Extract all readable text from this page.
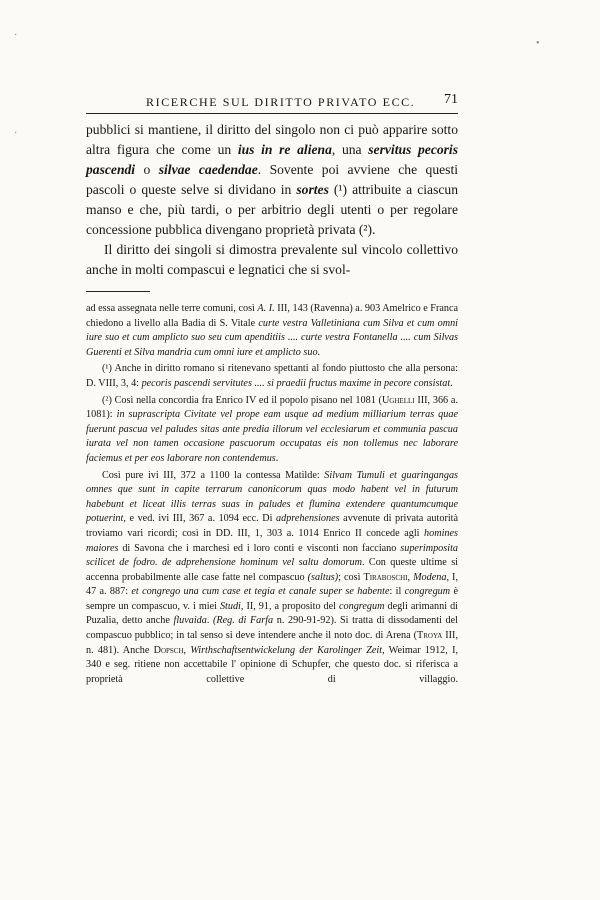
·
•
·
RICERCHE SUL DIRITTO PRIVATO ECC. 71

pubblici si mantiene, il diritto del singolo non ci può apparire sotto altra figura che come un ius in re aliena, una servitus pecoris pascendi o silvae caedendae. Sovente poi avviene che questi pascoli o queste selve si dividano in sortes (¹) attribuite a ciascun manso e che, più tardi, o per arbitrio degli utenti o per regolare concessione pubblica divengano proprietà privata (²).

Il diritto dei singoli si dimostra prevalente sul vincolo collettivo anche in molti compascui e legnatici che si svol-

ad essa assegnata nelle terre comuni, così A. I. III, 143 (Ravenna) a. 903 Amelrico e Franca chiedono a livello alla Badia di S. Vitale curte vestra Valletiniana cum Silva et cum omni iure suo et cum amplicto suo seu cum apenditiis .... curte vestra Fontanella .... cum Silvas Guerenti et Silva mandria cum omni iure et amplicto suo.

(¹) Anche in diritto romano si ritenevano spettanti al fondo piuttosto che alla persona: D. VIII, 3, 4: pecoris pascendi servitutes .... si praedii fructus maxime in pecore consistat.

(²) Così nella concordia fra Enrico IV ed il popolo pisano nel 1081 (Ughelli III, 366 a. 1081): in suprascripta Civitate vel prope eam usque ad medium milliarium terras quae fuerunt pascua vel paludes sitas ante predia illorum vel ecclesiarum et communia pascua iurata vel non tamen occasione pascuorum occupatas eis non tollemus nec laborare faciemus et per eos laborare non contendemus.

Così pure ivi III, 372 a 1100 la contessa Matilde: Silvam Tumuli et guaringangas omnes que sunt in capite terrarum canonicorum quas modo habent vel in futurum habebunt et liceat illis terras suas in paludes et flumina extendere quantumcumque potuerint, e ved. ivi III, 367 a. 1094 ecc. Di adprehensiones avvenute di privata autorità troviamo vari ricordi; così in DD. III, 1, 303 a. 1014 Enrico II concede agli homines maiores di Savona che i marchesi ed i loro conti e visconti non facciano superimposita scilicet de fodro. de adprehensione hominum vel saltu domorum. Con queste ultime si accenna probabilmente alle case fatte nel compascuo (saltus); così Tiraboschi, Modena, I, 47 a. 887: et congrego una cum case et tegia et canale super se habente: il congregum è sempre un compascuo, v. i miei Studi, II, 91, a proposito del congregum degli arimanni di Puzalia, detto anche fluvaida. (Reg. di Farfa n. 290-91-92). Si tratta di dissodamenti del compascuo pubblico; in tal senso si deve intendere anche il noto doc. di Arena (Troya III, n. 481). Anche Dopsch, Wirthschaftsentwickelung der Karolinger Zeit, Weimar 1912, I, 340 e seg. ritiene non accettabile l' opinione di Schupfer, che questo doc. si riferisca a proprietà collettive di villaggio.
